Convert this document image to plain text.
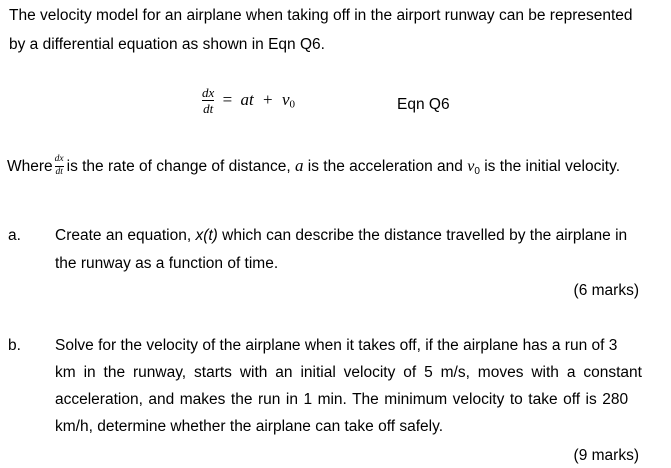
The velocity model for an airplane when taking off in the airport runway can be represented
by a differential equation as shown in Eqn Q6.
$\frac{dx}{dt}$ = at + v0	Eqn Q6
Where $\frac{dx}{dt}$ is the rate of change of distance, a is the acceleration and v0 is the initial velocity.
a. Create an equation, x(t) which can describe the distance travelled by the airplane in
the runway as a function of time.
(6 marks)
b. Solve for the velocity of the airplane when it takes off, if the airplane has a run of 3
km in the runway, starts with an initial velocity of 5 m/s, moves with a constant
acceleration, and makes the run in 1 min. The minimum velocity to take off is 280
km/h, determine whether the airplane can take off safely.
(9 marks)
